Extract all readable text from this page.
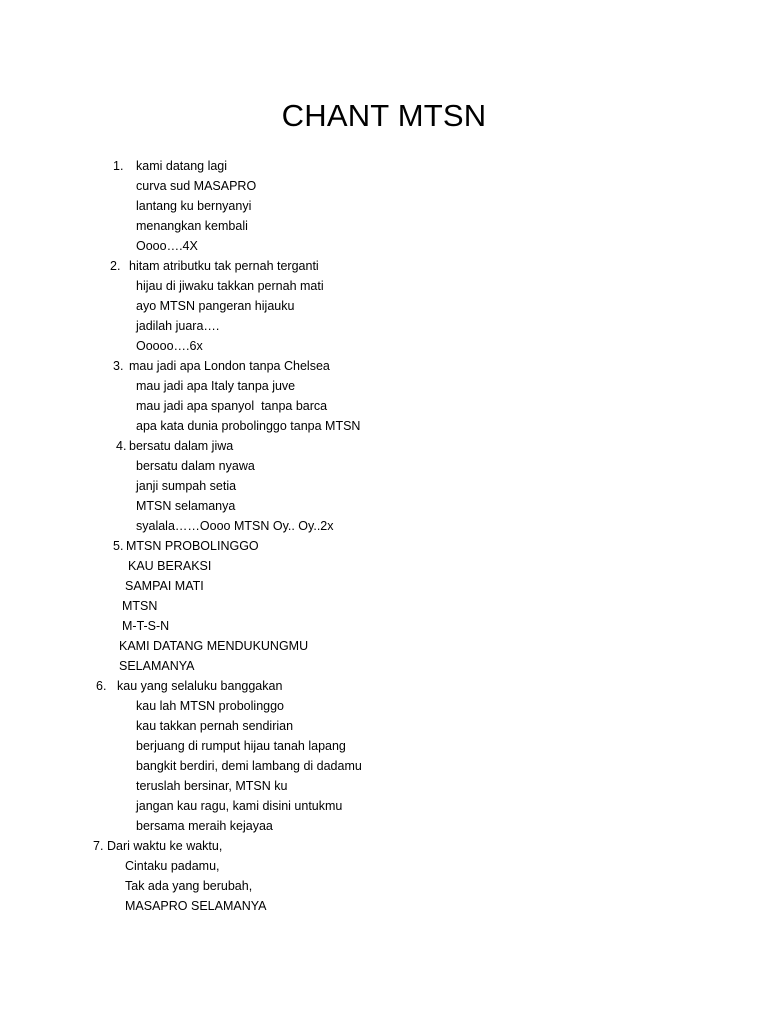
CHANT MTSN
1. kami datang lagi
curva sud MASAPRO
lantang ku bernyanyi
menangkan kembali
Oooo….4X
2. hitam atributku tak pernah terganti
hijau di jiwaku takkan pernah mati
ayo MTSN pangeran hijauku
jadilah juara….
Ooooo….6x
3. mau jadi apa London tanpa Chelsea
mau jadi apa Italy tanpa juve
mau jadi apa spanyol  tanpa barca
apa kata dunia probolinggo tanpa MTSN
4. bersatu dalam jiwa
bersatu dalam nyawa
janji sumpah setia
MTSN selamanya
syalala……Oooo MTSN Oy.. Oy..2x
5. MTSN PROBOLINGGO
KAU BERAKSI
SAMPAI MATI
MTSN
M-T-S-N
KAMI DATANG MENDUKUNGMU
SELAMANYA
6. kau yang selaluku banggakan
kau lah MTSN probolinggo
kau takkan pernah sendirian
berjuang di rumput hijau tanah lapang
bangkit berdiri, demi lambang di dadamu
teruslah bersinar, MTSN ku
jangan kau ragu, kami disini untukmu
bersama meraih kejayaa
7. Dari waktu ke waktu,
Cintaku padamu,
Tak ada yang berubah,
MASAPRO SELAMANYA
